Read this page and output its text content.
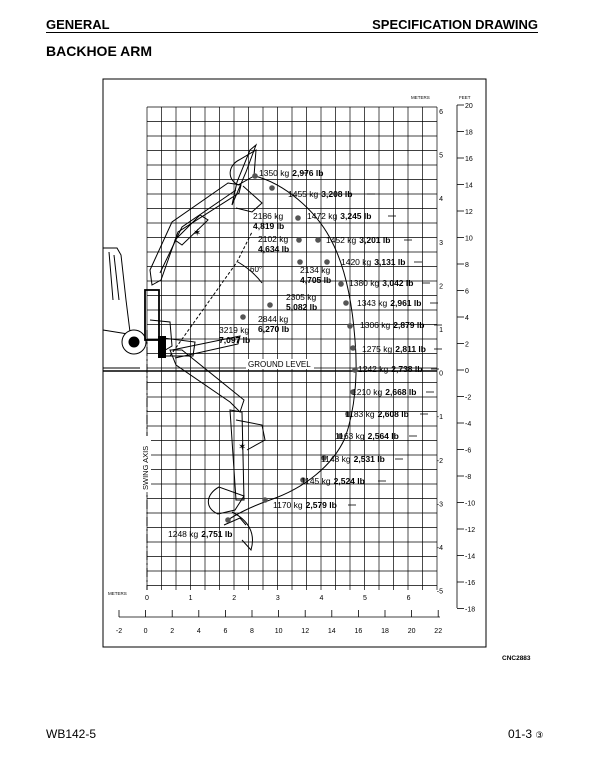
GENERAL	SPECIFICATION DRAWING
BACKHOE ARM
6
5
4
3
2
1
0
-1
-2
-3
-4
-5
20
18
16
14
12
10
8
6
4
2
0
-2
-4
-6
-8
-10
-12
-14
-16
-18
0	1	2	3	4	5	6
-2	0	2	4	6	8	10	12	14	16	18	20	22
METERS	FEET
METERS
GROUND LEVEL
SWING AXIS
60°
✶
✶
1350 kg 2,976 lb
1455 kg 3,208 lb
1472 kg 3,245 lb
2186 kg 4,819 lb
1452 kg 3,201 lb
2102 kg 4,634 lb
1420 kg 3,131 lb
2134 kg 4,705 lb 1380 kg 3,042 lb
2305 kg 5,082 lb	1343 kg 2,961 lb
2844 kg 6,270 lb	1306 kg 2,879 lb
3219 kg 7,097 lb
1275 kg 2,811 lb
1242 kg 2,738 lb
1210 kg 2,668 lb
1183 kg 2,608 lb
1163 kg 2,564 lb
1148 kg 2,531 lb
1145 kg 2,524 lb
1170 kg 2,579 lb
1248 kg 2,751 lb
CNC2883
WB142-5	01-3 ③
